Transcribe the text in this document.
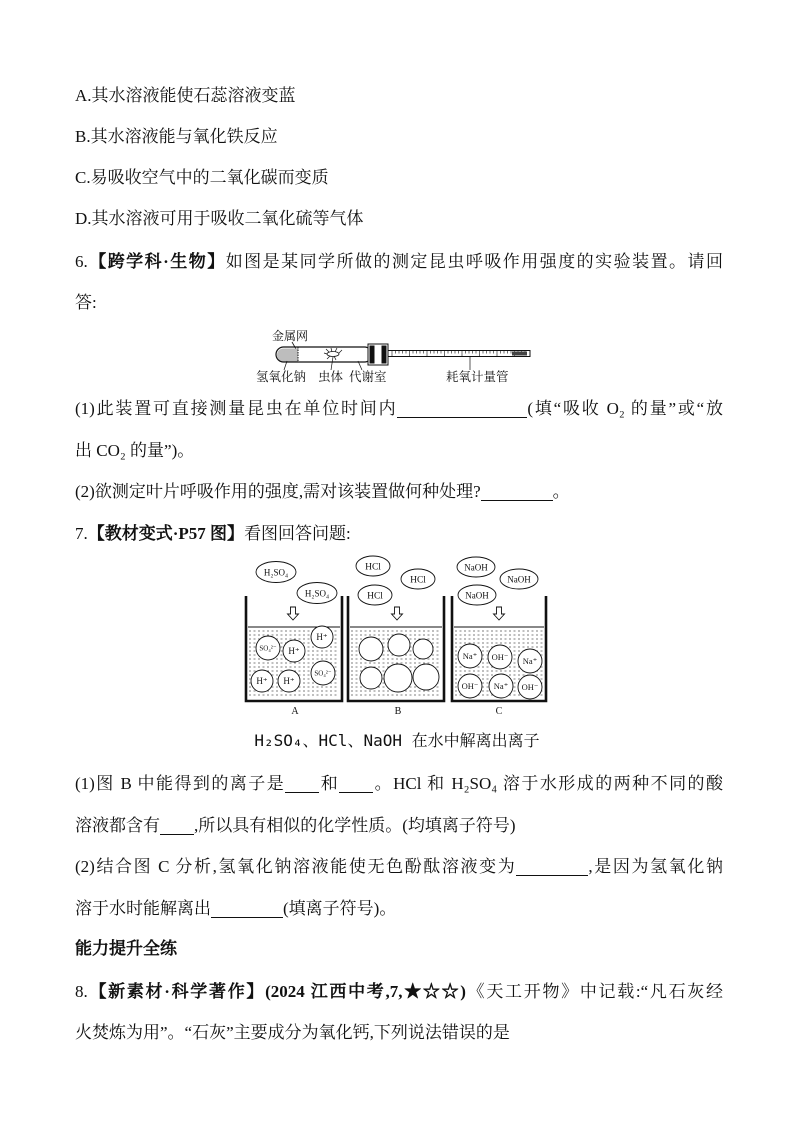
A.其水溶液能使石蕊溶液变蓝
B.其水溶液能与氧化铁反应
C.易吸收空气中的二氧化碳而变质
D.其水溶液可用于吸收二氧化硫等气体
6.【跨学科·生物】如图是某同学所做的测定昆虫呼吸作用强度的实验装置。请回
答:
金属网
氢氧化钠 虫体 代谢室	耗氧计量管
(1)此装置可直接测量昆虫在单位时间内	(填“吸收 O₂ 的量”或“放
出 CO₂ 的量”)。
(2)欲测定叶片呼吸作用的强度,需对该装置做何种处理?	。
7.【教材变式·P57 图】看图回答问题:
H₂SO₄
H₂SO₄
SO₄²⁻
H⁺
H⁺
SO₄²⁻
H⁺ H⁺
A
HCl
HCl
HCl
B
NaOH
NaOH
NaOH
Na⁺ OH⁻ Na⁺
OH⁻ Na⁺ OH⁻
C
H₂SO₄、HCl、NaOH 在水中解离出离子
(1)图 B 中能得到的离子是 和 。HCl 和 H₂SO₄ 溶于水形成的两种不同的酸
溶液都含有 ,所以具有相似的化学性质。(均填离子符号)
(2)结合图 C 分析,氢氧化钠溶液能使无色酚酞溶液变为	,是因为氢氧化钠
溶于水时能解离出	(填离子符号)。
能力提升全练
8.【新素材·科学著作】(2024 江西中考,7,★☆☆)《天工开物》中记载:“凡石灰经
火焚炼为用”。“石灰”主要成分为氧化钙,下列说法错误的是
